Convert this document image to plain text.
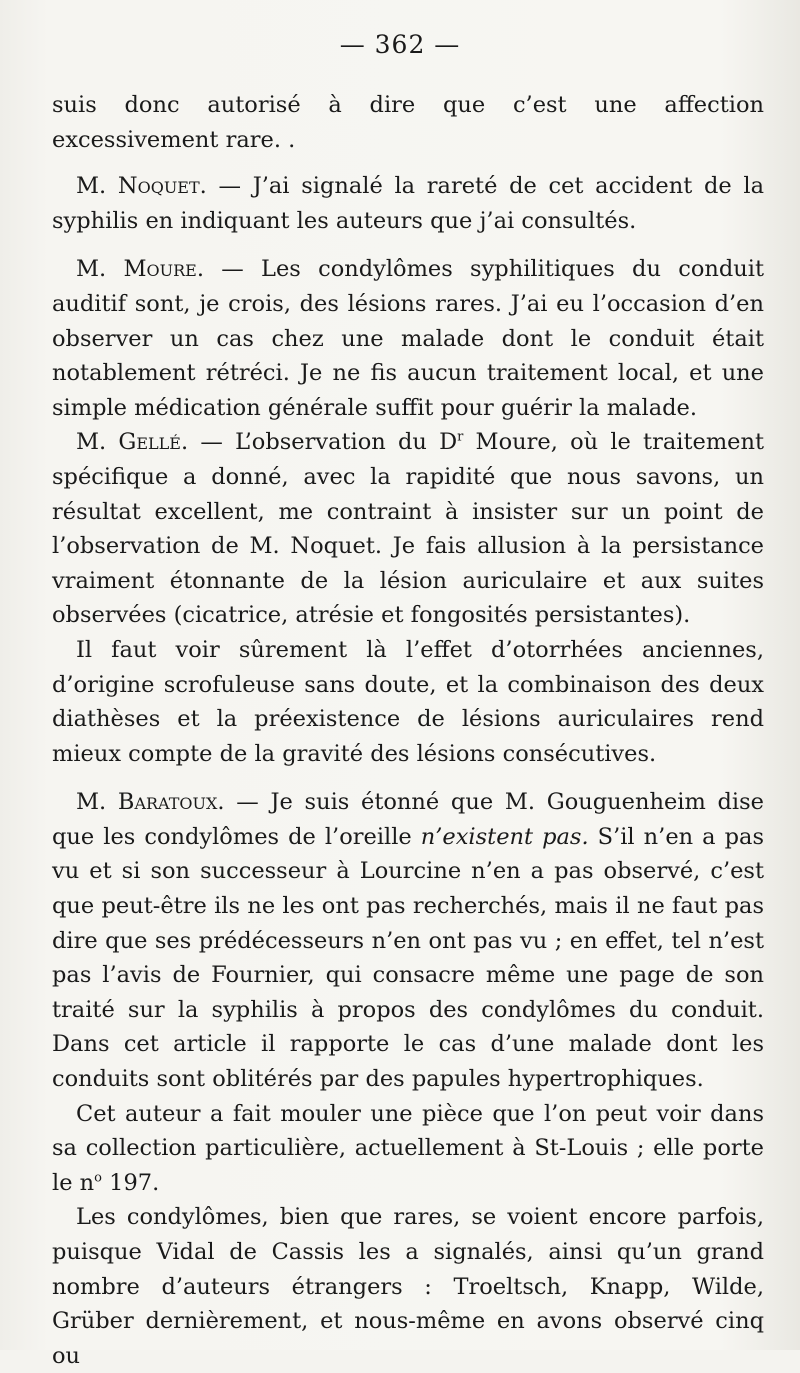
— 362 —

suis donc autorisé à dire que c’est une affection excessivement rare. .

M. Noquet. — J’ai signalé la rareté de cet accident de la syphilis en indiquant les auteurs que j’ai consultés.

M. Moure. — Les condylômes syphilitiques du conduit auditif sont, je crois, des lésions rares. J’ai eu l’occasion d’en observer un cas chez une malade dont le conduit était notablement rétréci. Je ne fis aucun traitement local, et une simple médication générale suffit pour guérir la malade.

M. Gellé. — L’observation du $D^r$ Moure, où le traitement spécifique a donné, avec la rapidité que nous savons, un résultat excellent, me contraint à insister sur un point de l’observation de M. Noquet. Je fais allusion à la persistance vraiment étonnante de la lésion auriculaire et aux suites observées (cicatrice, atrésie et fongosités persistantes).

Il faut voir sûrement là l’effet d’otorrhées anciennes, d’origine scrofuleuse sans doute, et la combinaison des deux diathèses et la préexistence de lésions auriculaires rend mieux compte de la gravité des lésions consécutives.

M. Baratoux. — Je suis étonné que M. Gouguenheim dise que les condylômes de l’oreille n’existent pas. S’il n’en a pas vu et si son successeur à Lourcine n’en a pas observé, c’est que peut-être ils ne les ont pas recherchés, mais il ne faut pas dire que ses prédécesseurs n’en ont pas vu ; en effet, tel n’est pas l’avis de Fournier, qui consacre même une page de son traité sur la syphilis à propos des condylômes du conduit. Dans cet article il rapporte le cas d’une malade dont les conduits sont oblitérés par des papules hypertrophiques.

Cet auteur a fait mouler une pièce que l’on peut voir dans sa collection particulière, actuellement à St-Louis ; elle porte le $n^o$ 197.

Les condylômes, bien que rares, se voient encore parfois, puisque Vidal de Cassis les a signalés, ainsi qu’un grand nombre d’auteurs étrangers : Troeltsch, Knapp, Wilde, Grüber dernièrement, et nous-même en avons observé cinq ou
